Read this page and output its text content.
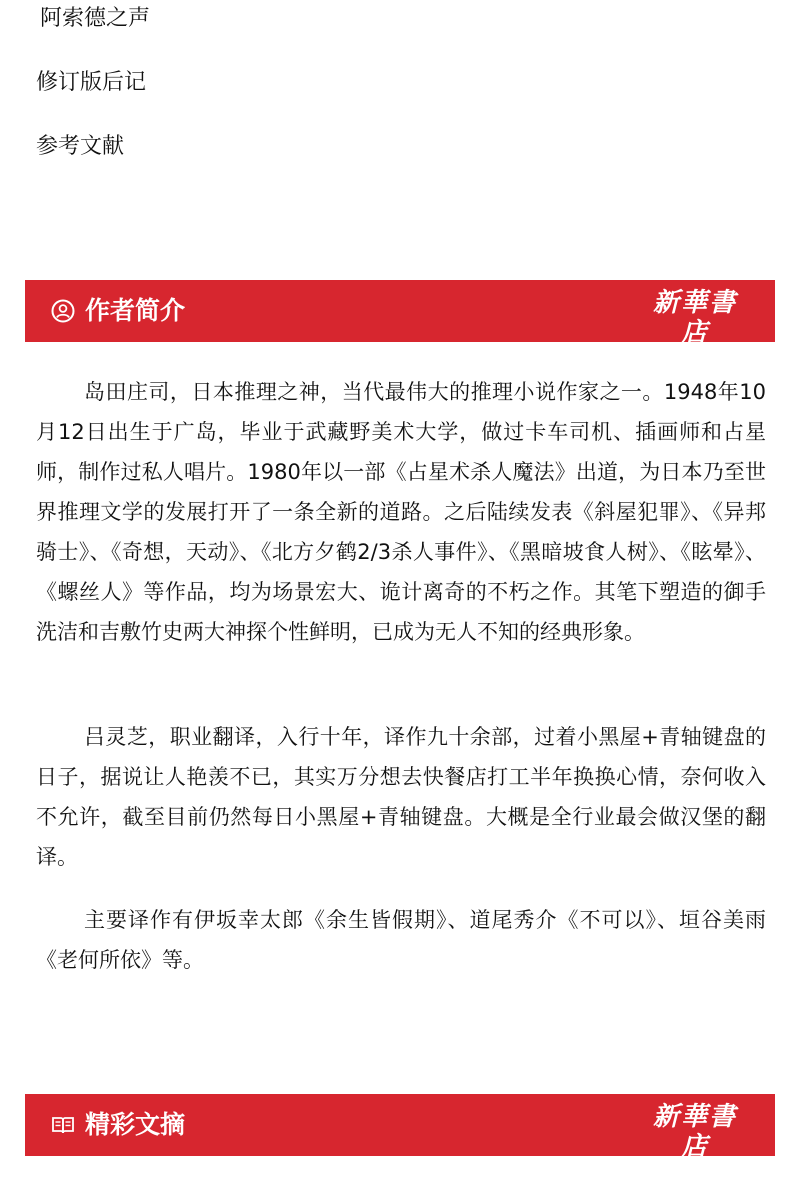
阿索德之声
修订版后记
参考文献
作者简介	新華書店
XINHUA BOOKSTORE

岛田庄司，日本推理之神，当代最伟大的推理小说作家之一。1948年10月12日出生于广岛，毕业于武藏野美术大学，做过卡车司机、插画师和占星师，制作过私人唱片。1980年以一部《占星术杀人魔法》出道，为日本乃至世界推理文学的发展打开了一条全新的道路。之后陆续发表《斜屋犯罪》、《异邦骑士》、《奇想，天动》、《北方夕鹤2/3杀人事件》、《黑暗坡食人树》、《眩晕》、《螺丝人》等作品，均为场景宏大、诡计离奇的不朽之作。其笔下塑造的御手洗洁和吉敷竹史两大神探个性鲜明，已成为无人不知的经典形象。

吕灵芝，职业翻译，入行十年，译作九十余部，过着小黑屋+青轴键盘的日子，据说让人艳羡不已，其实万分想去快餐店打工半年换换心情，奈何收入不允许，截至目前仍然每日小黑屋+青轴键盘。大概是全行业最会做汉堡的翻译。

主要译作有伊坂幸太郎《余生皆假期》、道尾秀介《不可以》、垣谷美雨《老何所依》等。

精彩文摘	新華書店
XINHUA BOOKSTORE
